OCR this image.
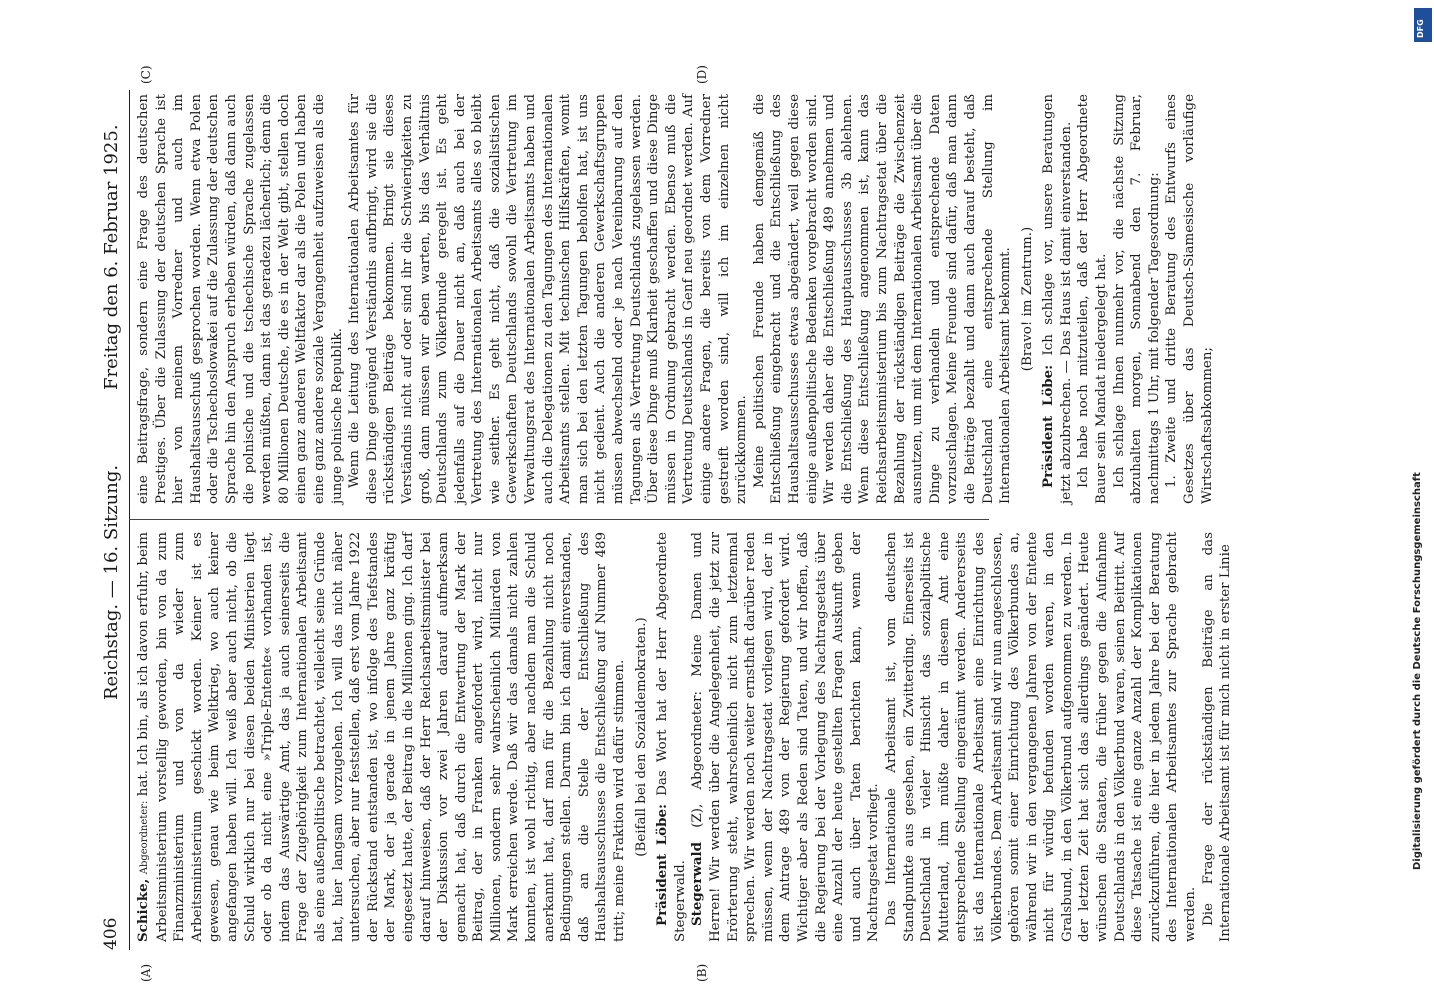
406
Reichstag. — 16. Sitzung.
Freitag den 6. Februar 1925.
(A)	(B)
(C)	(D)

Schicke, Abgeordneter: hat. Ich bin, als ich davon erfuhr, beim Arbeitsministerium vorstellig geworden, bin von da zum Finanzministerium und von da wieder zum Arbeitsministerium geschickt worden. Keiner ist es gewesen, genau wie beim Weltkrieg, wo auch keiner angefangen haben will. Ich weiß aber auch nicht, ob die Schuld wirklich nur bei diesen beiden Ministerien liegt oder ob da nicht eine »Triple-Entente« vorhanden ist, indem das Auswärtige Amt, das ja auch seinerseits die Frage der Zugehörigkeit zum Internationalen Arbeitsamt als eine außenpolitische betrachtet, vielleicht seine Gründe hat, hier langsam vorzugehen. Ich will das nicht näher untersuchen, aber nur feststellen, daß erst vom Jahre 1922 der Rückstand entstanden ist, wo infolge des Tiefstandes der Mark, der ja gerade in jenem Jahre ganz kräftig eingesetzt hatte, der Beitrag in die Millionen ging. Ich darf darauf hinweisen, daß der Herr Reichsarbeitsminister bei der Diskussion vor zwei Jahren darauf aufmerksam gemacht hat, daß durch die Entwertung der Mark der Beitrag, der in Franken angefordert wird, nicht nur Millionen, sondern sehr wahrscheinlich Milliarden von Mark erreichen werde. Daß wir das damals nicht zahlen konnten, ist wohl richtig, aber nachdem man die Schuld anerkannt hat, darf man für die Bezahlung nicht noch Bedingungen stellen. Darum bin ich damit einverstanden, daß an die Stelle der Entschließung des Haushaltsausschusses die Entschließung auf Nummer 489 tritt; meine Fraktion wird dafür stimmen. (Beifall bei den Sozialdemokraten.)

Präsident Löbe: Das Wort hat der Herr Abgeordnete Stegerwald. Stegerwald (Z), Abgeordneter: Meine Damen und Herren! Wir werden über die Angelegenheit, die jetzt zur Erörterung steht, wahrscheinlich nicht zum letztenmal sprechen. Wir werden noch weiter ernsthaft darüber reden müssen, wenn der Nachtragsetat vorliegen wird, der in dem Antrage 489 von der Regierung gefordert wird. Wichtiger aber als Reden sind Taten, und wir hoffen, daß die Regierung bei der Vorlegung des Nachtragsetats über eine Anzahl der heute gestellten Fragen Auskunft geben und auch über Taten berichten kann, wenn der Nachtragsetat vorliegt. Das Internationale Arbeitsamt ist, vom deutschen Standpunkte aus gesehen, ein Zwitterding. Einerseits ist Deutschland in vieler Hinsicht das sozialpolitische Mutterland, ihm müßte daher in diesem Amt eine entsprechende Stellung eingeräumt werden. Andererseits ist das Internationale Arbeitsamt eine Einrichtung des Völkerbundes. Dem Arbeitsamt sind wir nun angeschlossen, gehören somit einer Einrichtung des Völkerbundes an, während wir in den vergangenen Jahren von der Entente nicht für würdig befunden worden waren, in den Gralsbund, in den Völkerbund aufgenommen zu werden. In der letzten Zeit hat sich das allerdings geändert. Heute wünschen die Staaten, die früher gegen die Aufnahme Deutschlands in den Völkerbund waren, seinen Beitritt. Auf diese Tatsache ist eine ganze Anzahl der Komplikationen zurückzuführen, die hier in jedem Jahre bei der Beratung des Internationalen Arbeitsamtes zur Sprache gebracht werden. Die Frage der rückständigen Beiträge an das Internationale Arbeitsamt ist für mich nicht in erster Linie

eine Beitragsfrage, sondern eine Frage des deutschen Prestiges. Über die Zulassung der deutschen Sprache ist hier von meinem Vorredner und auch im Haushaltsausschuß gesprochen worden. Wenn etwa Polen oder die Tschechoslowakei auf die Zulassung der deutschen Sprache hin den Anspruch erheben würden, daß dann auch die polnische und die tschechische Sprache zugelassen werden müßten, dann ist das geradezu lächerlich; denn die 80 Millionen Deutsche, die es in der Welt gibt, stellen doch einen ganz anderen Weltfaktor dar als die Polen und haben eine ganz andere soziale Vergangenheit aufzuweisen als die junge polnische Republik. Wenn die Leitung des Internationalen Arbeitsamtes für diese Dinge genügend Verständnis aufbringt, wird sie die rückständigen Beiträge bekommen. Bringt sie dieses Verständnis nicht auf oder sind ihr die Schwierigkeiten zu groß, dann müssen wir eben warten, bis das Verhältnis Deutschlands zum Völkerbunde geregelt ist. Es geht jedenfalls auf die Dauer nicht an, daß auch bei der Vertretung des Internationalen Arbeitsamts alles so bleibt wie seither. Es geht nicht, daß die sozialistischen Gewerkschaften Deutschlands sowohl die Vertretung im Verwaltungsrat des Internationalen Arbeitsamts haben und auch die Delegationen zu den Tagungen des Internationalen Arbeitsamts stellen. Mit technischen Hilfskräften, womit man sich bei den letzten Tagungen beholfen hat, ist uns nicht gedient. Auch die anderen Gewerkschaftsgruppen müssen abwechselnd oder je nach Vereinbarung auf den Tagungen als Vertretung Deutschlands zugelassen werden. Über diese Dinge muß Klarheit geschaffen und diese Dinge müssen in Ordnung gebracht werden. Ebenso muß die Vertretung Deutschlands in Genf neu geordnet werden. Auf einige andere Fragen, die bereits von dem Vorredner gestreift worden sind, will ich im einzelnen nicht zurückkommen. Meine politischen Freunde haben demgemäß die Entschließung eingebracht und die Entschließung des Haushaltsausschusses etwas abgeändert, weil gegen diese einige außenpolitische Bedenken vorgebracht worden sind. Wir werden daher die Entschließung 489 annehmen und die Entschließung des Hauptausschusses 3b ablehnen. Wenn diese Entschließung angenommen ist, kann das Reichsarbeitsministerium bis zum Nachtragsetat über die Bezahlung der rückständigen Beiträge die Zwischenzeit ausnutzen, um mit dem Internationalen Arbeitsamt über die Dinge zu verhandeln und entsprechende Daten vorzuschlagen. Meine Freunde sind dafür, daß man dann die Beiträge bezahlt und dann auch darauf besteht, daß Deutschland eine entsprechende Stellung im Internationalen Arbeitsamt bekommt. (Bravo! im Zentrum.)

Präsident Löbe: Ich schlage vor, unsere Beratungen jetzt abzubrechen. — Das Haus ist damit einverstanden. Ich habe noch mitzuteilen, daß der Herr Abgeordnete Bauer sein Mandat niedergelegt hat. Ich schlage Ihnen nunmehr vor, die nächste Sitzung abzuhalten morgen, Sonnabend den 7. Februar, nachmittags 1 Uhr, mit folgender Tagesordnung: 1. Zweite und dritte Beratung des Entwurfs eines Gesetzes über das Deutsch-Siamesische vorläufige Wirtschaftsabkommen;

Digitalisierung gefördert durch die Deutsche Forschungsgemeinschaft
DFG
